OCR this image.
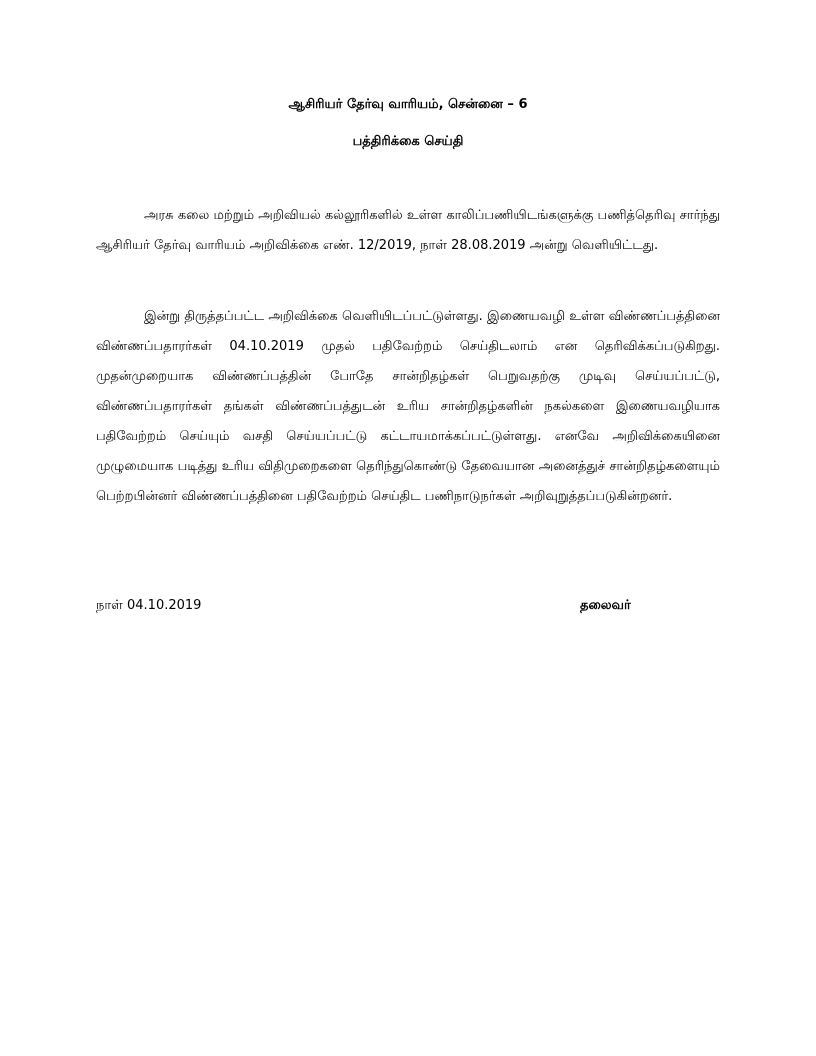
ஆசிரியர் தேர்வு வாரியம், சென்னை – 6
பத்திரிக்கை செய்தி

அரசு கலை மற்றும் அறிவியல் கல்லூரிகளில் உள்ள காலிப்பணியிடங்களுக்கு பணித்தெரிவு சார்ந்து ஆசிரியர் தேர்வு வாரியம் அறிவிக்கை எண். 12/2019, நாள் 28.08.2019 அன்று வெளியிட்டது.

இன்று திருத்தப்பட்ட அறிவிக்கை வெளியிடப்பட்டுள்ளது. இணையவழி உள்ள விண்ணப்பத்தினை விண்ணப்பதாரர்கள் 04.10.2019 முதல் பதிவேற்றம் செய்திடலாம் என தெரிவிக்கப்படுகிறது. முதன்முறையாக விண்ணப்பத்தின் போதே சான்றிதழ்கள் பெறுவதற்கு முடிவு செய்யப்பட்டு, விண்ணப்பதாரர்கள் தங்கள் விண்ணப்பத்துடன் உரிய சான்றிதழ்களின் நகல்களை இணையவழியாக பதிவேற்றம் செய்யும் வசதி செய்யப்பட்டு கட்டாயமாக்கப்பட்டுள்ளது. எனவே அறிவிக்கையினை முழுமையாக படித்து உரிய விதிமுறைகளை தெரிந்துகொண்டு தேவையான அனைத்துச் சான்றிதழ்களையும் பெற்றபின்னர் விண்ணப்பத்தினை பதிவேற்றம் செய்திட பணிநாடுநர்கள் அறிவுறுத்தப்படுகின்றனர்.

நாள் 04.10.2019	தலைவர்
